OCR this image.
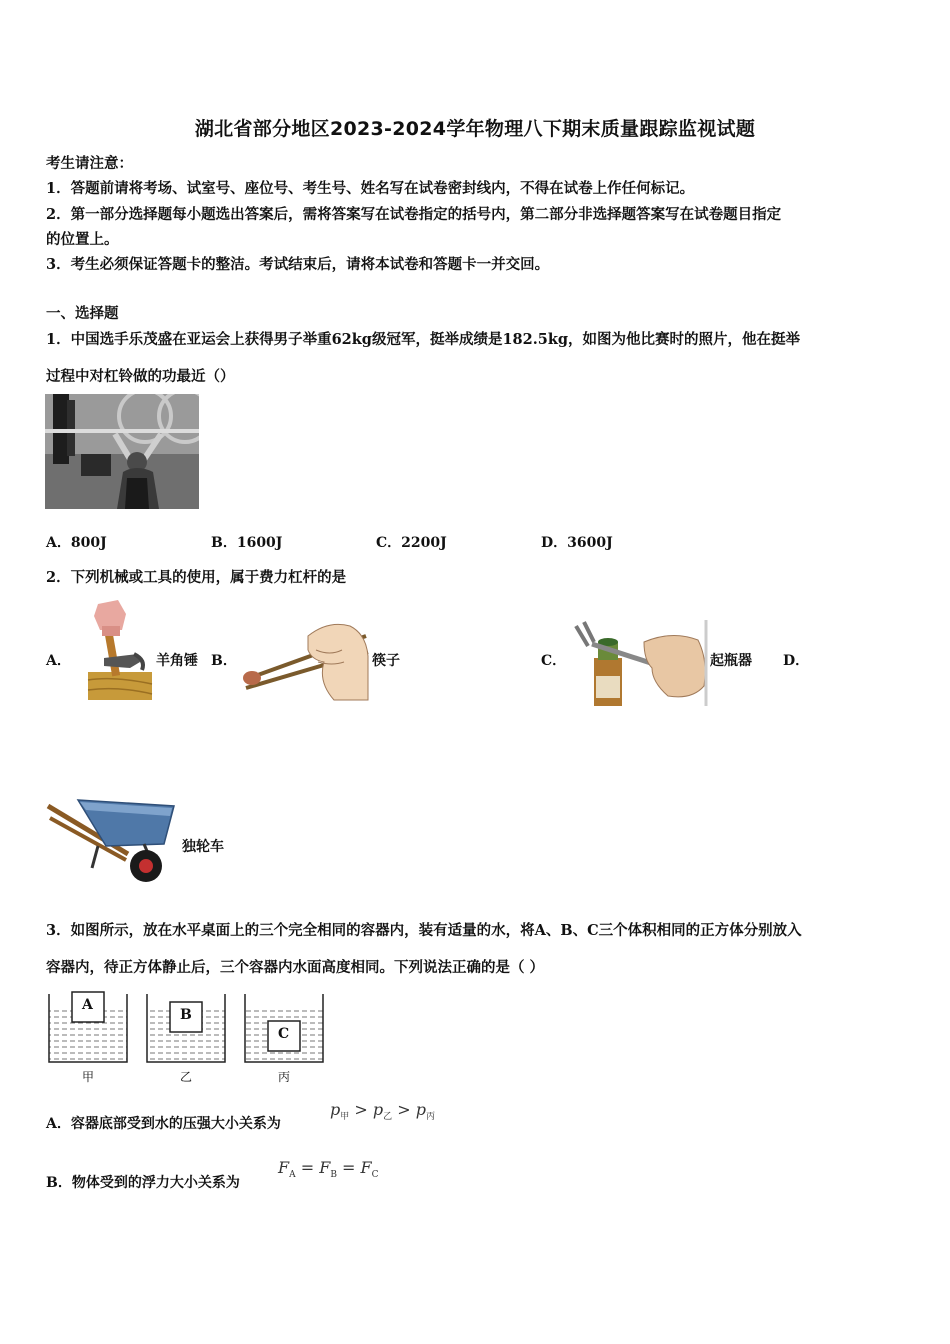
湖北省部分地区2023-2024学年物理八下期末质量跟踪监视试题
考生请注意：
1．答题前请将考场、试室号、座位号、考生号、姓名写在试卷密封线内，不得在试卷上作任何标记。
2．第一部分选择题每小题选出答案后，需将答案写在试卷指定的括号内，第二部分非选择题答案写在试卷题目指定
的位置上。
3．考生必须保证答题卡的整洁。考试结束后，请将本试卷和答题卡一并交回。
一、选择题
1．中国选手乐茂盛在亚运会上获得男子举重62kg级冠军，挺举成绩是182.5kg，如图为他比赛时的照片，他在挺举
过程中对杠铃做的功最近（）
A．800J	B．1600J	C．2200J	D．3600J
2．下列机械或工具的使用，属于费力杠杆的是
A．	羊角锤 B．	筷子	C．	起瓶器 D．
独轮车
3．如图所示，放在水平桌面上的三个完全相同的容器内，装有适量的水，将A、B、C三个体积相同的正方体分别放入
容器内，待正方体静止后，三个容器内水面高度相同。下列说法正确的是（ ）
A
B
C
甲	乙	丙
A．容器底部受到水的压强大小关系为
$p_甲 > p_乙 > p_丙$
B．物体受到的浮力大小关系为
$F_A = F_B = F_C$
